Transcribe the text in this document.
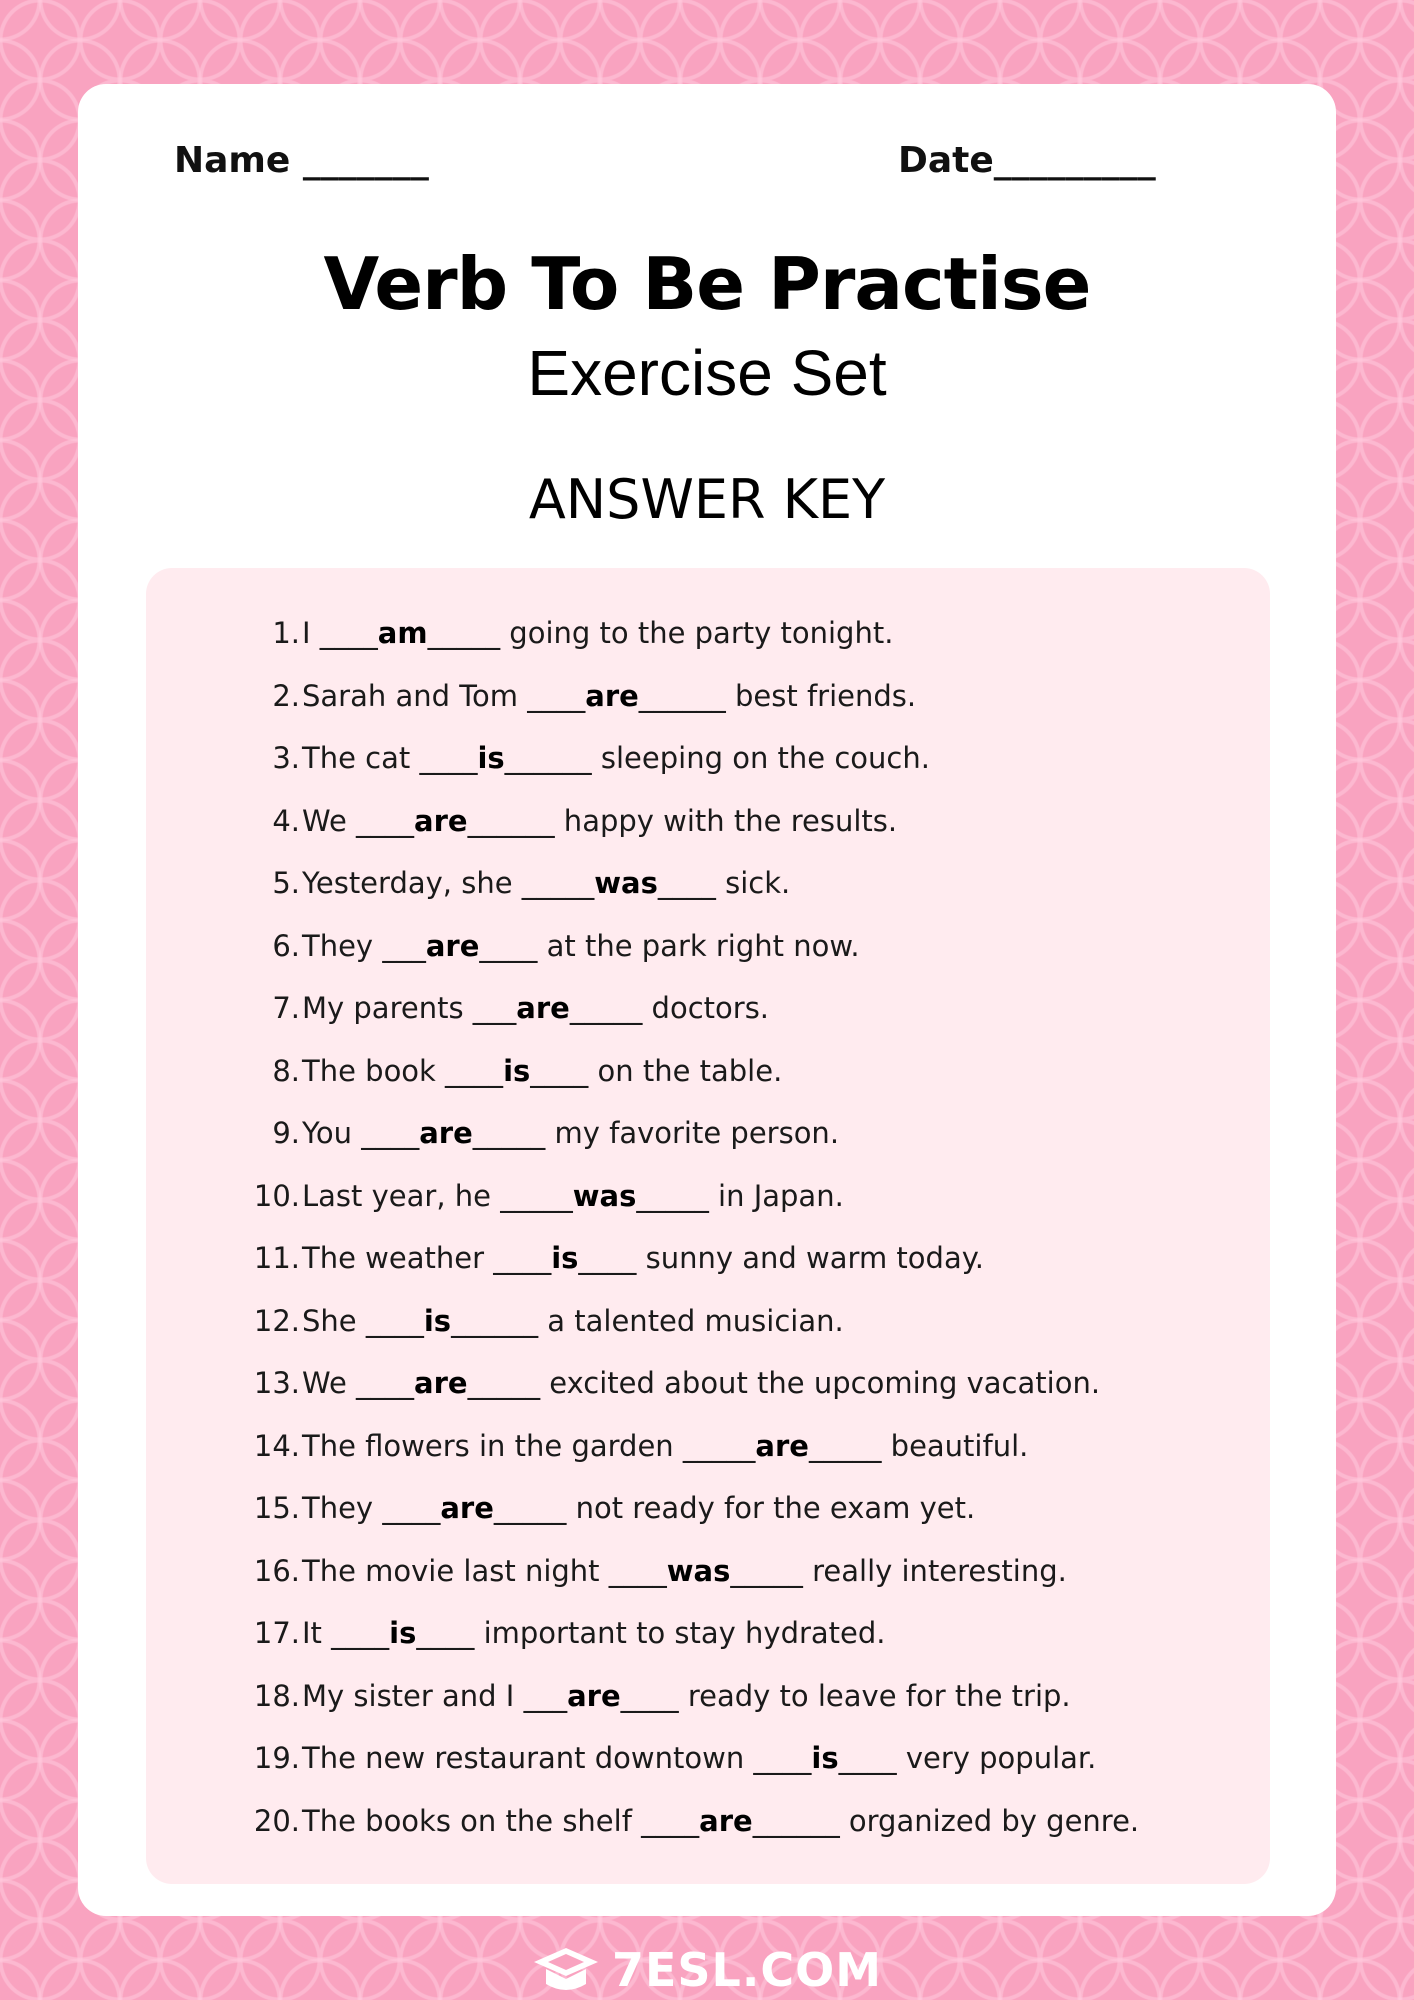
Name _______	Date_________
Verb To Be Practise
Exercise Set
ANSWER KEY
1. I ____am_____ going to the party tonight.
2. Sarah and Tom ____are______ best friends.
3. The cat ____is______ sleeping on the couch.
4. We ____are______ happy with the results.
5. Yesterday, she _____was____ sick.
6. They ___are____ at the park right now.
7. My parents ___are_____ doctors.
8. The book ____is____ on the table.
9. You ____are_____ my favorite person.
10. Last year, he _____was_____ in Japan.
11. The weather ____is____ sunny and warm today.
12. She ____is______ a talented musician.
13. We ____are_____ excited about the upcoming vacation.
14. The flowers in the garden _____are_____ beautiful.
15. They ____are_____ not ready for the exam yet.
16. The movie last night ____was_____ really interesting.
17. It ____is____ important to stay hydrated.
18. My sister and I ___are____ ready to leave for the trip.
19. The new restaurant downtown ____is____ very popular.
20. The books on the shelf ____are______ organized by genre.
7ESL.COM
